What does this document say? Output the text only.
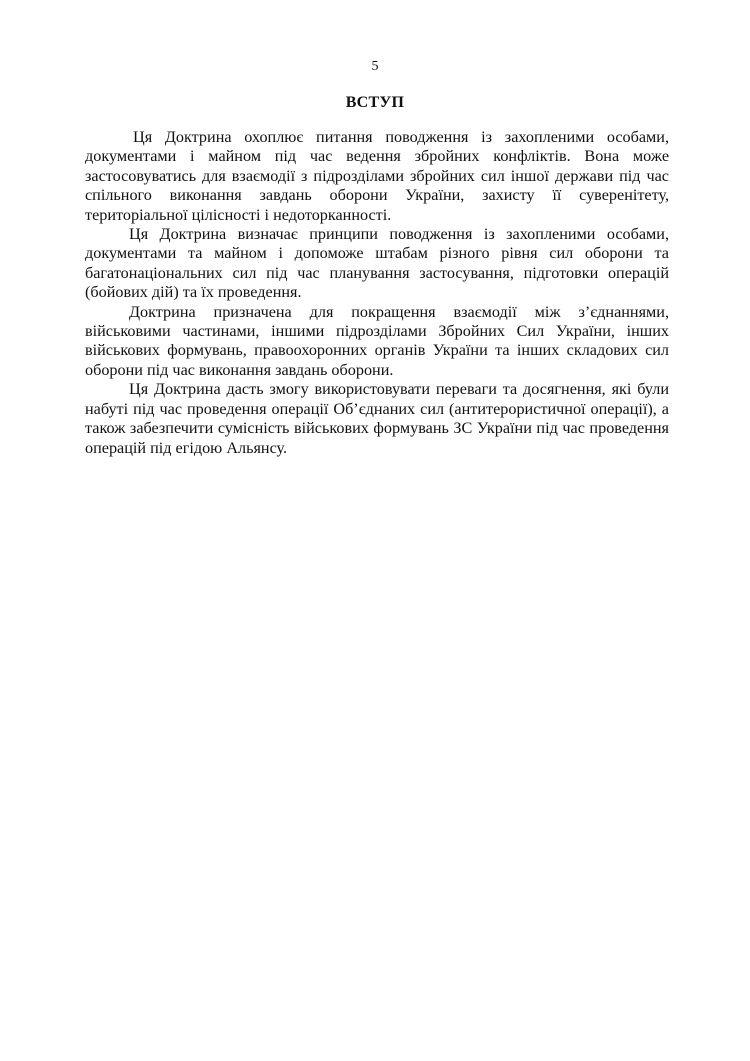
5
ВСТУП

Ця Доктрина охоплює питання поводження із захопленими особами, документами і майном під час ведення збройних конфліктів. Вона може застосовуватись для взаємодії з підрозділами збройних сил іншої держави під час спільного виконання завдань оборони України, захисту її суверенітету, територіальної цілісності і недоторканності.

Ця Доктрина визначає принципи поводження із захопленими особами, документами та майном і допоможе штабам різного рівня сил оборони та багатонаціональних сил під час планування застосування, підготовки операцій (бойових дій) та їх проведення.

Доктрина призначена для покращення взаємодії між з’єднаннями, військовими частинами, іншими підрозділами Збройних Сил України, інших військових формувань, правоохоронних органів України та інших складових сил оборони під час виконання завдань оборони.

Ця Доктрина дасть змогу використовувати переваги та досягнення, які були набуті під час проведення операції Об’єднаних сил (антитерористичної операції), а також забезпечити сумісність військових формувань ЗС України під час проведення операцій під егідою Альянсу.
